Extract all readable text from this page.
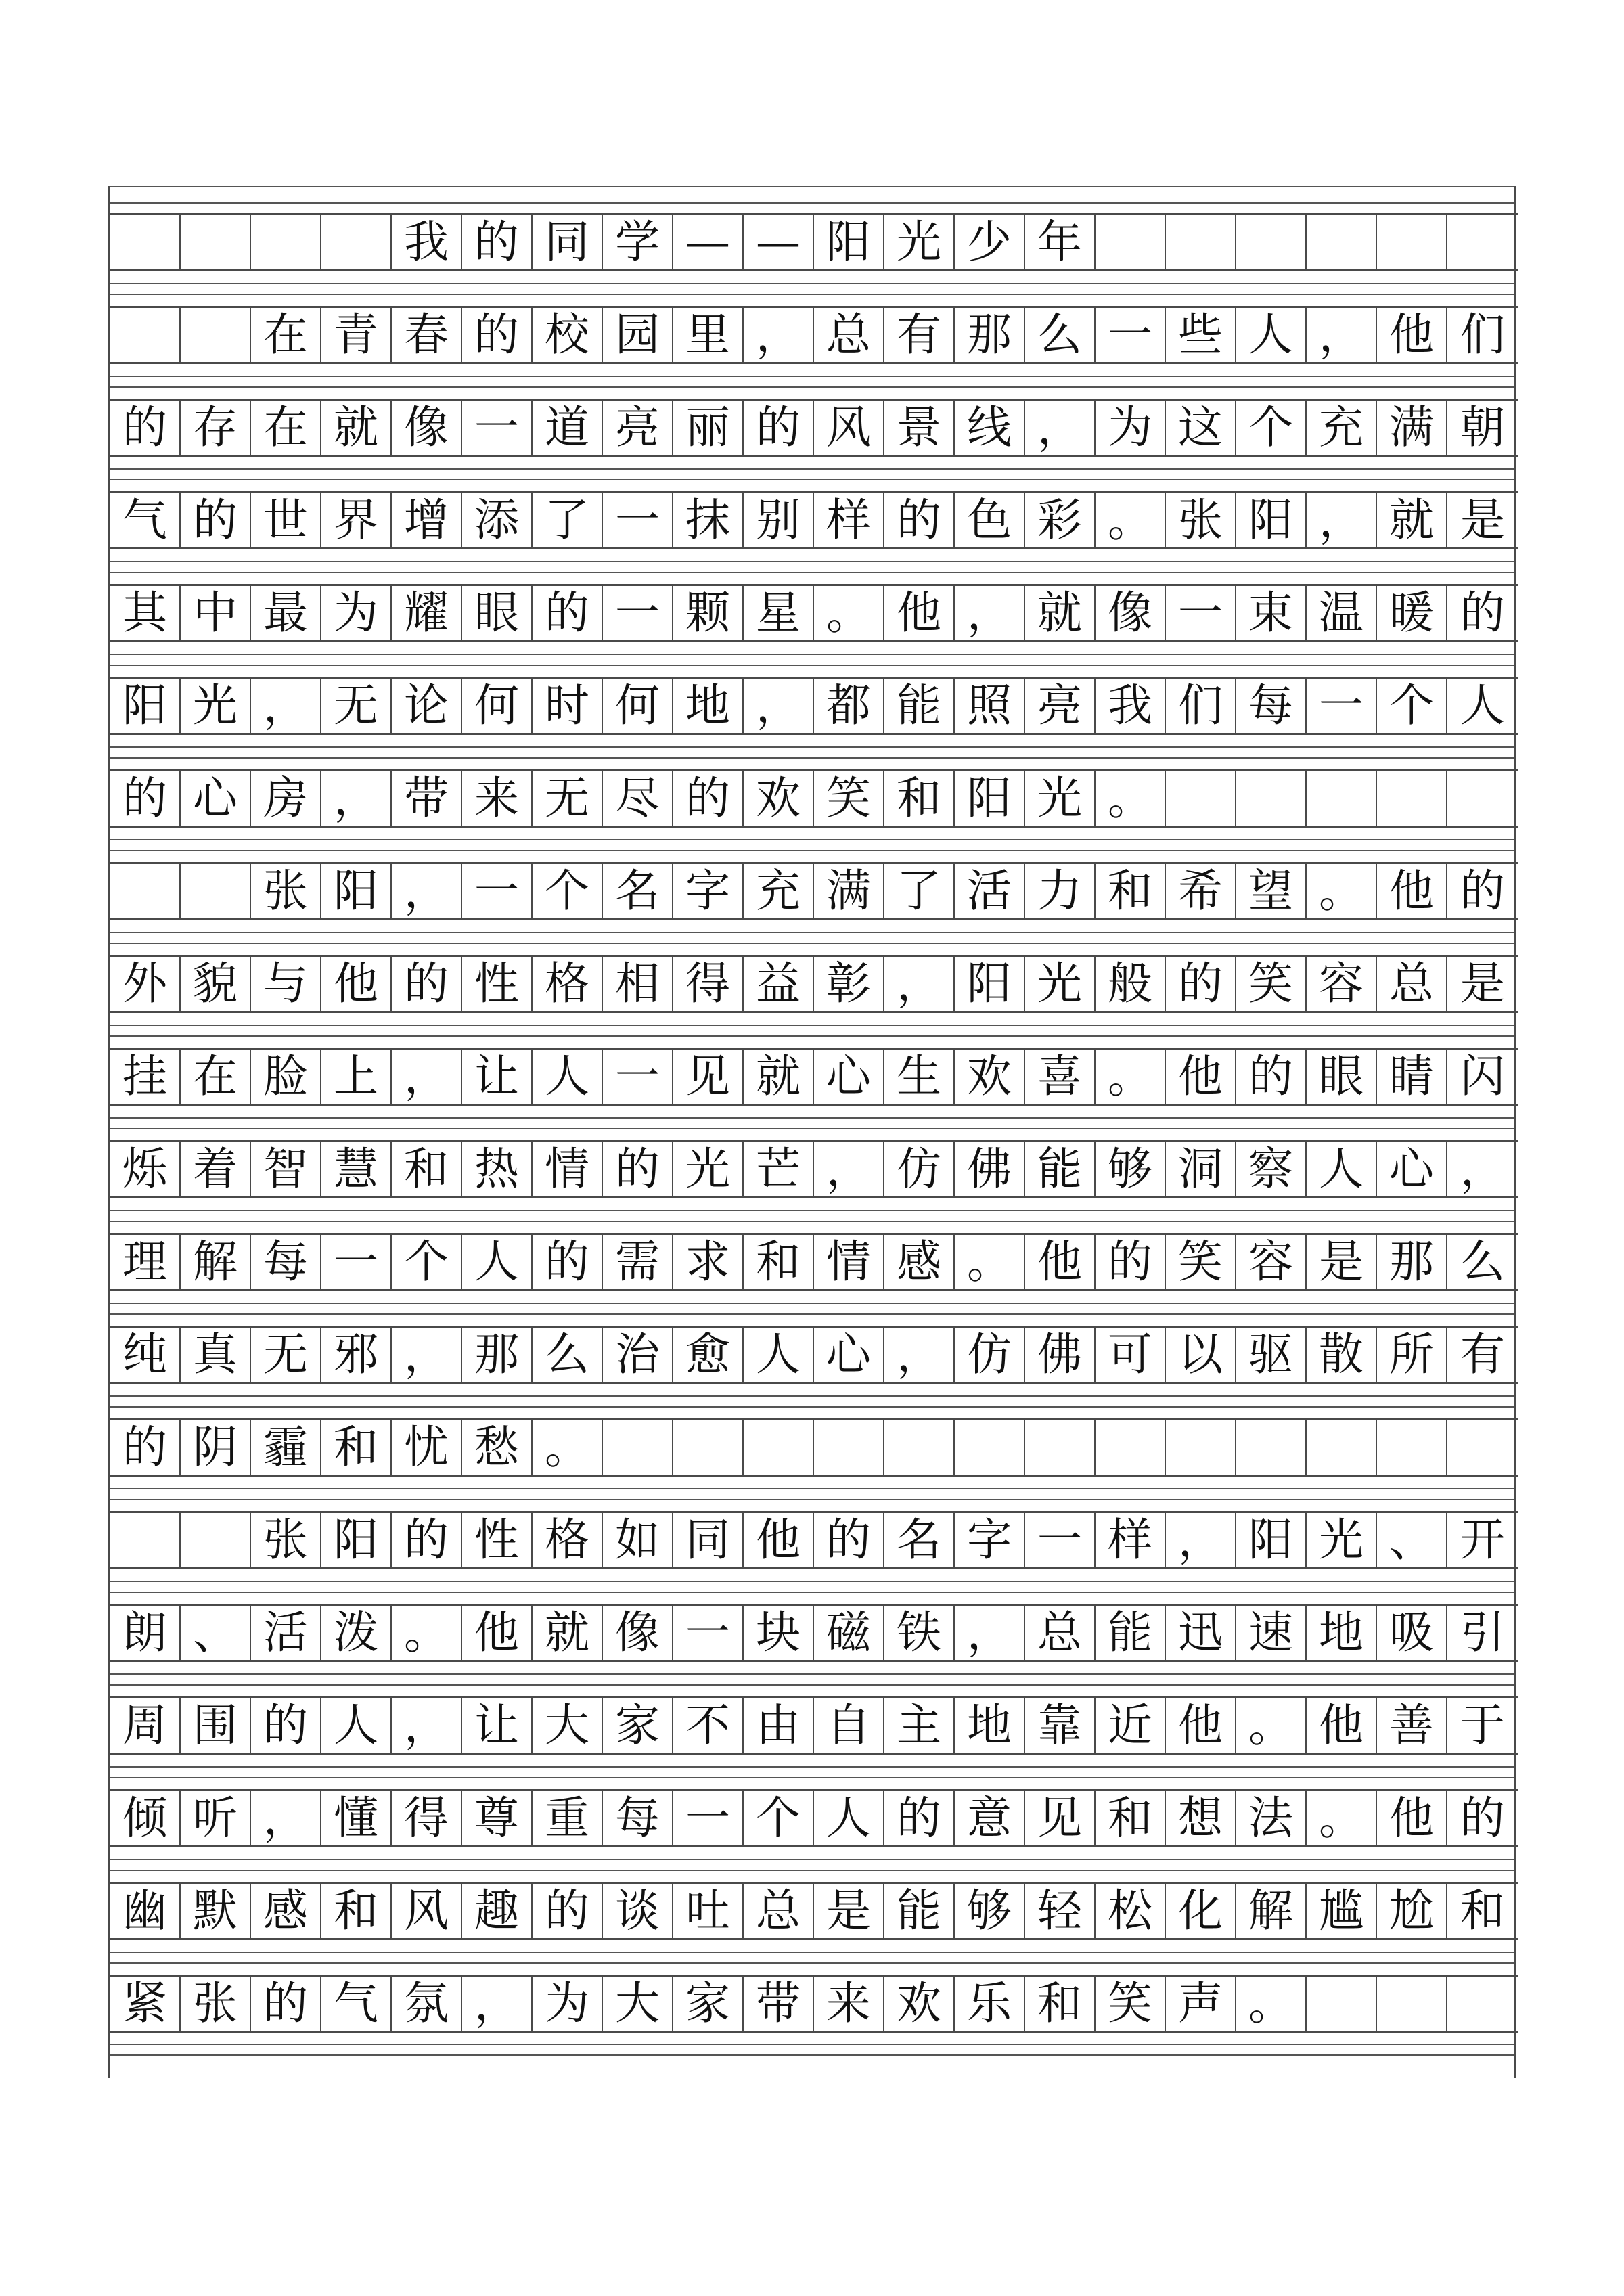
我 的 同 学 — — 阳 光 少 年
在 青 春 的 校 园 里 ， 总 有 那 么 一 些 人 ， 他 们
的 存 在 就 像 一 道 亮 丽 的 风 景 线 ， 为 这 个 充 满 朝
气 的 世 界 增 添 了 一 抹 别 样 的 色 彩 。 张 阳 ， 就 是
其 中 最 为 耀 眼 的 一 颗 星 。 他 ， 就 像 一 束 温 暖 的
阳 光 ， 无 论 何 时 何 地 ， 都 能 照 亮 我 们 每 一 个 人
的 心 房 ， 带 来 无 尽 的 欢 笑 和 阳 光 。
张 阳 ， 一 个 名 字 充 满 了 活 力 和 希 望 。 他 的
外 貌 与 他 的 性 格 相 得 益 彰 ， 阳 光 般 的 笑 容 总 是
挂 在 脸 上 ， 让 人 一 见 就 心 生 欢 喜 。 他 的 眼 睛 闪
烁 着 智 慧 和 热 情 的 光 芒 ， 仿 佛 能 够 洞 察 人 心 ，
理 解 每 一 个 人 的 需 求 和 情 感 。 他 的 笑 容 是 那 么
纯 真 无 邪 ， 那 么 治 愈 人 心 ， 仿 佛 可 以 驱 散 所 有
的 阴 霾 和 忧 愁 。
张 阳 的 性 格 如 同 他 的 名 字 一 样 ， 阳 光 、 开
朗 、 活 泼 。 他 就 像 一 块 磁 铁 ， 总 能 迅 速 地 吸 引
周 围 的 人 ， 让 大 家 不 由 自 主 地 靠 近 他 。 他 善 于
倾 听 ， 懂 得 尊 重 每 一 个 人 的 意 见 和 想 法 。 他 的
幽 默 感 和 风 趣 的 谈 吐 总 是 能 够 轻 松 化 解 尴 尬 和
紧 张 的 气 氛 ， 为 大 家 带 来 欢 乐 和 笑 声 。
